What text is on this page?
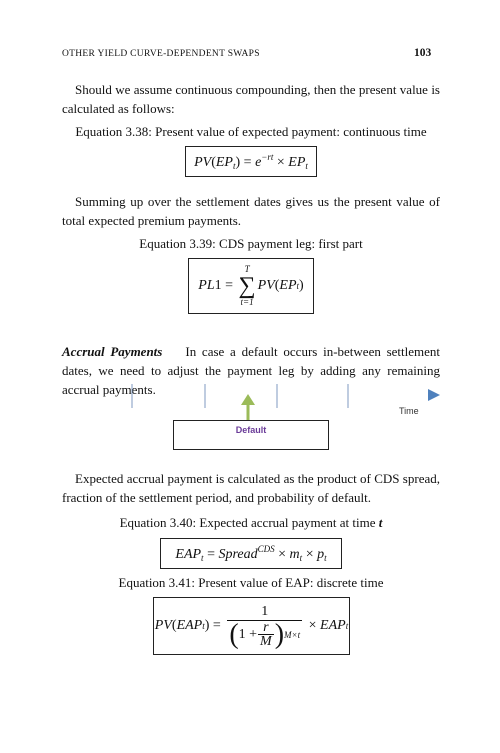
OTHER YIELD CURVE-DEPENDENT SWAPS	103
Should we assume continuous compounding, then the present value is calculated as follows:
Equation 3.38: Present value of expected payment: continuous time
$PV(EP_t) = e^{-rt} \times EP_t$
Summing up over the settlement dates gives us the present value of total expected premium payments.
Equation 3.39: CDS payment leg: first part
PL 1 =
T
∑
t=1
PV ( EP t )
Accrual Payments In case a default occurs in-between settlement dates, we need to adjust the payment leg by adding any remaining accrual payments.
Time
Default
Expected accrual payment is calculated as the product of CDS spread, fraction of the settlement period, and probability of default.
Equation 3.40: Expected accrual payment at time t
$EAP_t$ = Spread$^{CDS}$ × $m_t \times p_t$
Equation 3.41: Present value of EAP: discrete time
PV ( EAP t ) = $\frac{1}{( 1 + \frac{r}{M} ) M\times t}$ × EAP t
